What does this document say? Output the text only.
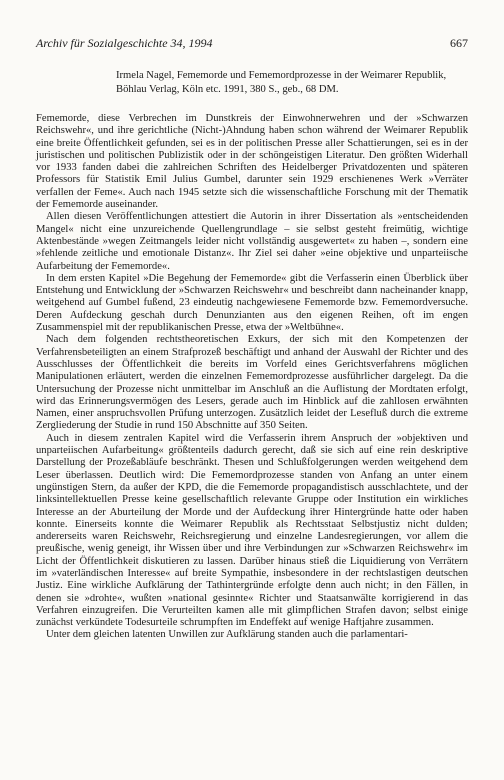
Archiv für Sozialgeschichte 34, 1994	667
Irmela Nagel, Fememorde und Fememordprozesse in der Weimarer Republik,
Böhlau Verlag, Köln etc. 1991, 380 S., geb., 68 DM.

Fememorde, diese Verbrechen im Dunstkreis der Einwohnerwehren und der »Schwarzen Reichswehr«, und ihre gerichtliche (Nicht-)Ahndung haben schon während der Weimarer Republik eine breite Öffentlichkeit gefunden, sei es in der politischen Presse aller Schattierungen, sei es in der juristischen und politischen Publizistik oder in der schöngeistigen Literatur. Den größten Widerhall vor 1933 fanden dabei die zahlreichen Schriften des Heidelberger Privatdozenten und späteren Professors für Statistik Emil Julius Gumbel, darunter sein 1929 erschienenes Werk »Verräter verfallen der Feme«. Auch nach 1945 setzte sich die wissenschaftliche Forschung mit der Thematik der Fememorde auseinander.

Allen diesen Veröffentlichungen attestiert die Autorin in ihrer Dissertation als »entscheidenden Mangel« nicht eine unzureichende Quellengrundlage – sie selbst gesteht freimütig, wichtige Aktenbestände »wegen Zeitmangels leider nicht vollständig ausgewertet« zu haben –, sondern eine »fehlende zeitliche und emotionale Distanz«. Ihr Ziel sei daher »eine objektive und unparteiische Aufarbeitung der Fememorde«.

In dem ersten Kapitel »Die Begehung der Fememorde« gibt die Verfasserin einen Überblick über Entstehung und Entwicklung der »Schwarzen Reichswehr« und beschreibt dann nacheinander knapp, weitgehend auf Gumbel fußend, 23 eindeutig nachgewiesene Fememorde bzw. Fememordversuche. Deren Aufdeckung geschah durch Denunzianten aus den eigenen Reihen, oft im engen Zusammenspiel mit der republikanischen Presse, etwa der »Weltbühne«.

Nach dem folgenden rechtstheoretischen Exkurs, der sich mit den Kompetenzen der Verfahrensbeteiligten an einem Strafprozeß beschäftigt und anhand der Auswahl der Richter und des Ausschlusses der Öffentlichkeit die bereits im Vorfeld eines Gerichtsverfahrens möglichen Manipulationen erläutert, werden die einzelnen Fememordprozesse ausführlicher dargelegt. Da die Untersuchung der Prozesse nicht unmittelbar im Anschluß an die Auflistung der Mordtaten erfolgt, wird das Erinnerungsvermögen des Lesers, gerade auch im Hinblick auf die zahllosen erwähnten Namen, einer anspruchsvollen Prüfung unterzogen. Zusätzlich leidet der Lesefluß durch die extreme Zergliederung der Studie in rund 150 Abschnitte auf 350 Seiten.

Auch in diesem zentralen Kapitel wird die Verfasserin ihrem Anspruch der »objektiven und unparteiischen Aufarbeitung« größtenteils dadurch gerecht, daß sie sich auf eine rein deskriptive Darstellung der Prozeßabläufe beschränkt. Thesen und Schlußfolgerungen werden weitgehend dem Leser überlassen. Deutlich wird: Die Fememordprozesse standen von Anfang an unter einem ungünstigen Stern, da außer der KPD, die die Fememorde propagandistisch ausschlachtete, und der linksintellektuellen Presse keine gesellschaftlich relevante Gruppe oder Institution ein wirkliches Interesse an der Aburteilung der Morde und der Aufdeckung ihrer Hintergründe hatte oder haben konnte. Einerseits konnte die Weimarer Republik als Rechtsstaat Selbstjustiz nicht dulden; andererseits waren Reichswehr, Reichsregierung und einzelne Landesregierungen, vor allem die preußische, wenig geneigt, ihr Wissen über und ihre Verbindungen zur »Schwarzen Reichswehr« im Licht der Öffentlichkeit diskutieren zu lassen. Darüber hinaus stieß die Liquidierung von Verrätern im »vaterländischen Interesse« auf breite Sympathie, insbesondere in der rechtslastigen deutschen Justiz. Eine wirkliche Aufklärung der Tathintergründe erfolgte denn auch nicht; in den Fällen, in denen sie »drohte«, wußten »national gesinnte« Richter und Staatsanwälte korrigierend in das Verfahren einzugreifen. Die Verurteilten kamen alle mit glimpflichen Strafen davon; selbst einige zunächst verkündete Todesurteile schrumpften im Endeffekt auf wenige Haftjahre zusammen.

Unter dem gleichen latenten Unwillen zur Aufklärung standen auch die parlamentari-
